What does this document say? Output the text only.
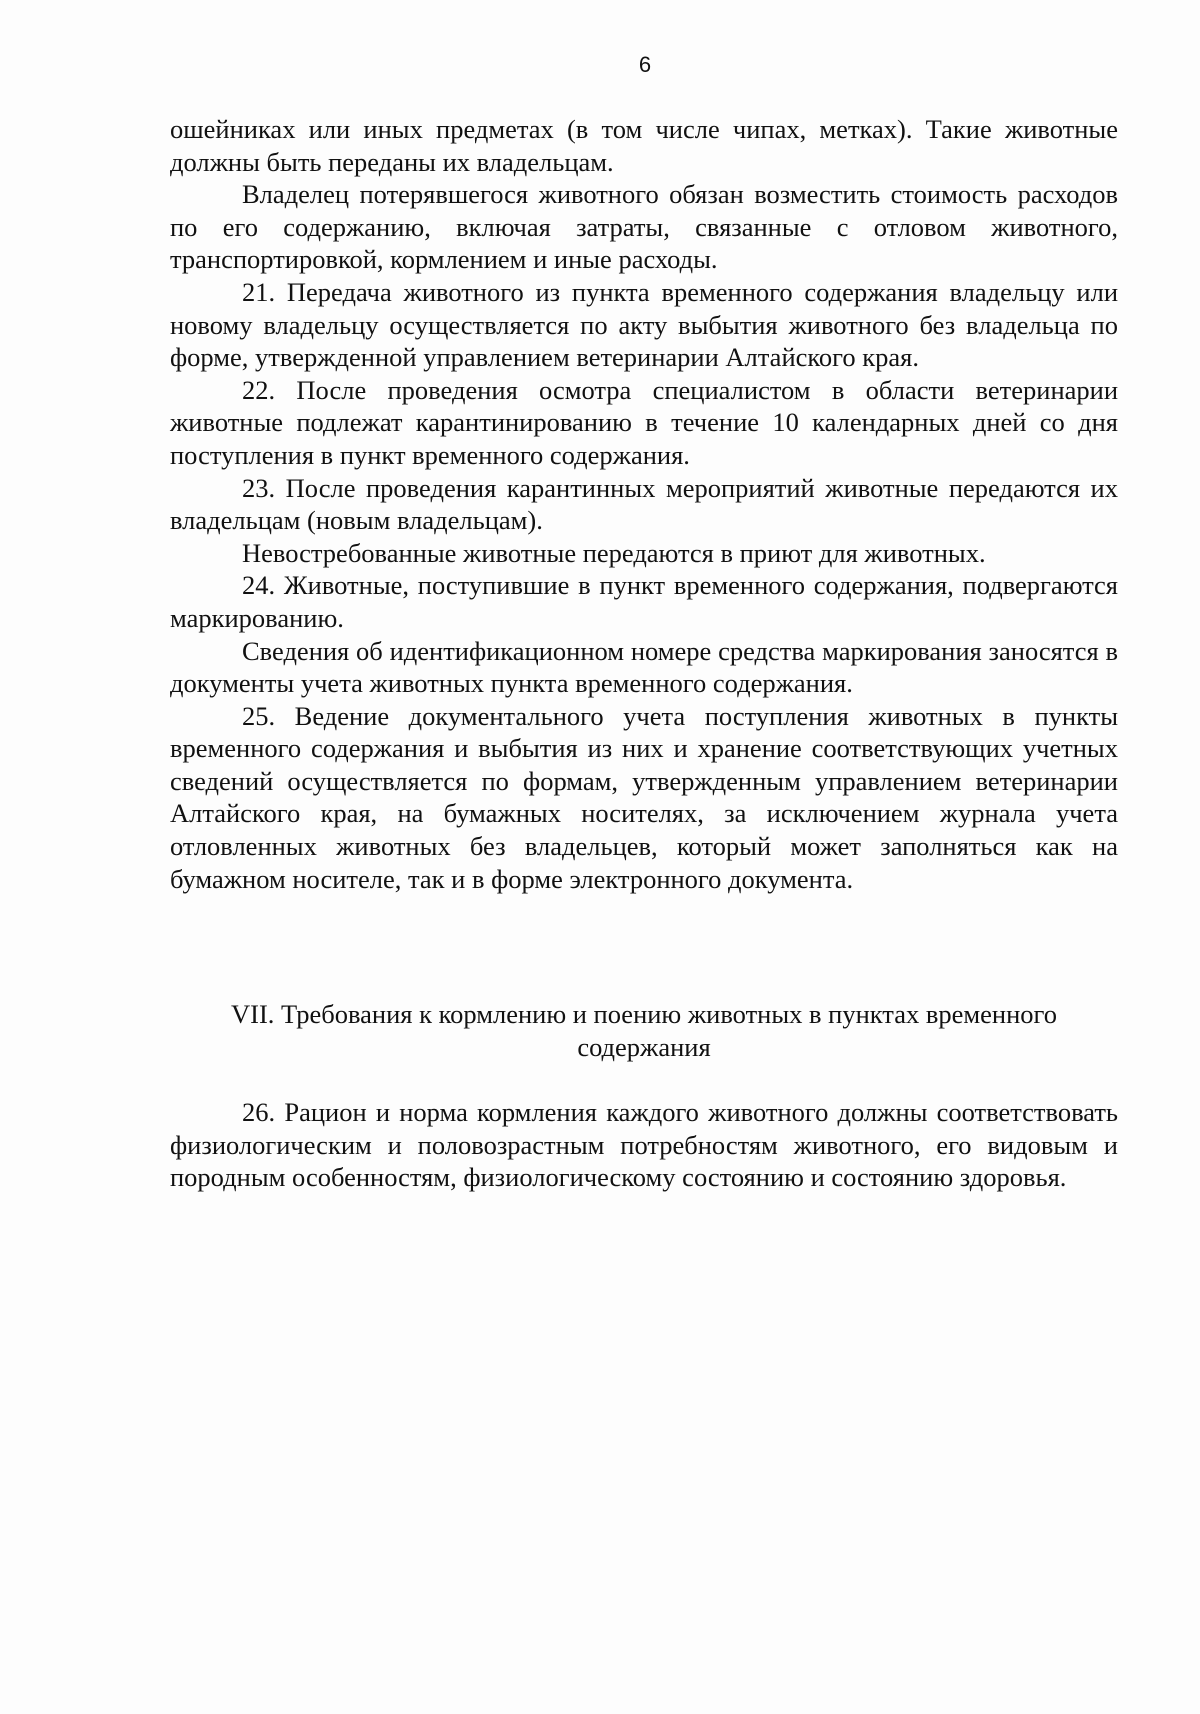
6

ошейниках или иных предметах (в том числе чипах, метках). Такие животные должны быть переданы их владельцам.

Владелец потерявшегося животного обязан возместить стоимость расходов по его содержанию, включая затраты, связанные с отловом животного, транспортировкой, кормлением и иные расходы.

21. Передача животного из пункта временного содержания владельцу или новому владельцу осуществляется по акту выбытия животного без владельца по форме, утвержденной управлением ветеринарии Алтайского края.

22. После проведения осмотра специалистом в области ветеринарии животные подлежат карантинированию в течение 10 календарных дней со дня поступления в пункт временного содержания.

23. После проведения карантинных мероприятий животные передаются их владельцам (новым владельцам).

Невостребованные животные передаются в приют для животных.

24. Животные, поступившие в пункт временного содержания, подвергаются маркированию.

Сведения об идентификационном номере средства маркирования заносятся в документы учета животных пункта временного содержания.

25. Ведение документального учета поступления животных в пункты временного содержания и выбытия из них и хранение соответствующих учетных сведений осуществляется по формам, утвержденным управлением ветеринарии Алтайского края, на бумажных носителях, за исключением журнала учета отловленных животных без владельцев, который может заполняться как на бумажном носителе, так и в форме электронного документа.

VII. Требования к кормлению и поению животных в пунктах временного
содержания

26. Рацион и норма кормления каждого животного должны соответствовать физиологическим и половозрастным потребностям животного, его видовым и породным особенностям, физиологическому состоянию и состоянию здоровья.
